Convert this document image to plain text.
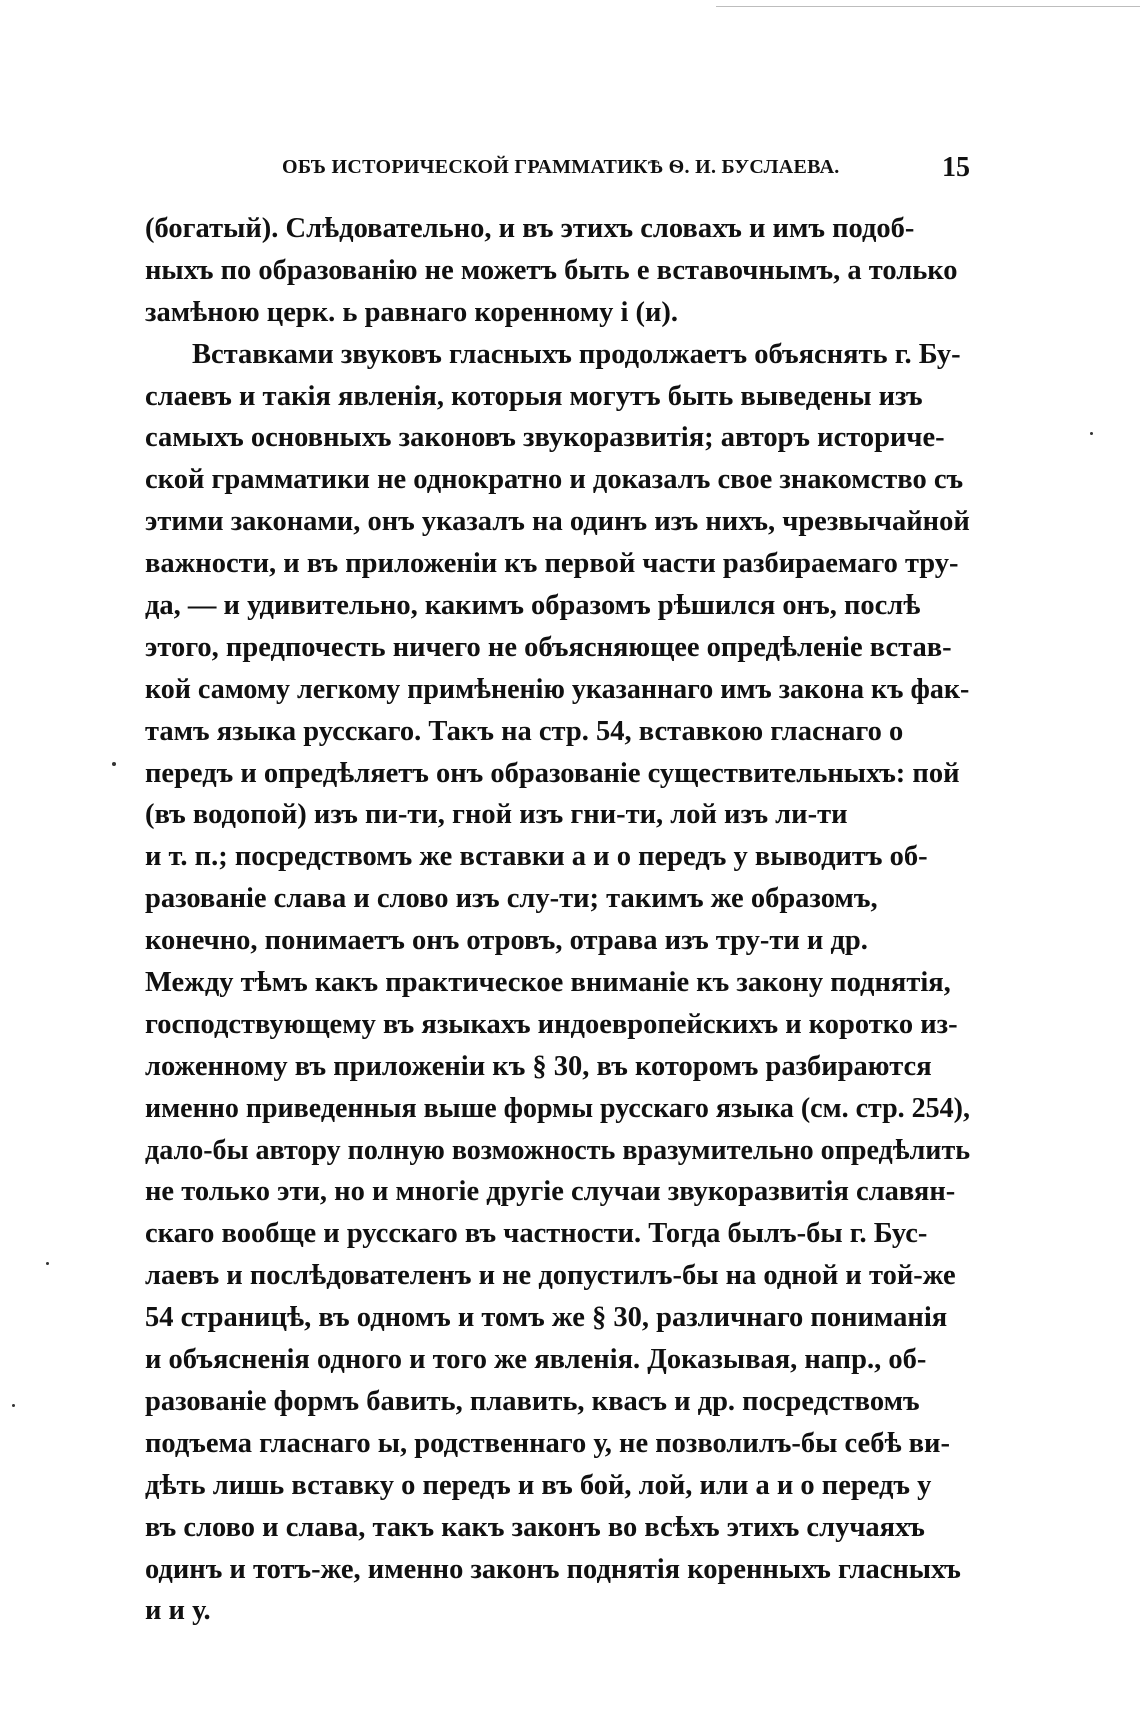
ОБЪ ИСТОРИЧЕСКОЙ ГРАММАТИКѢ Ѳ. И. БУСЛАЕВА.	15
(богатый). Слѣдовательно, и въ этихъ словахъ и имъ подоб-
ныхъ по образованію не можетъ быть е вставочнымъ, а только
замѣною церк. ь равнаго коренному і (и).
Вставками звуковъ гласныхъ продолжаетъ объяснять г. Бу-
слаевъ и такія явленія, которыя могутъ быть выведены изъ
самыхъ основныхъ законовъ звукоразвитія; авторъ историче-
ской грамматики не однократно и доказалъ свое знакомство съ
этими законами, онъ указалъ на одинъ изъ нихъ, чрезвычайной
важности, и въ приложеніи къ первой части разбираемаго тру-
да, — и удивительно, какимъ образомъ рѣшился онъ, послѣ
этого, предпочесть ничего не объясняющее опредѣленіе встав-
кой самому легкому примѣненію указаннаго имъ закона къ фак-
тамъ языка русскаго. Такъ на стр. 54, вставкою гласнаго о
передъ и опредѣляетъ онъ образованіе существительныхъ: пой
(въ водопой) изъ пи-ти, гной изъ гни-ти, лой изъ ли-ти
и т. п.; посредствомъ же вставки а и о передъ у выводитъ об-
разованіе слава и слово изъ слу-ти; такимъ же образомъ,
конечно, понимаетъ онъ отровъ, отрава изъ тру-ти и др.
Между тѣмъ какъ практическое вниманіе къ закону поднятія,
господствующему въ языкахъ индоевропейскихъ и коротко из-
ложенному въ приложеніи къ § 30, въ которомъ разбираются
именно приведенныя выше формы русскаго языка (см. стр. 254),
дало-бы автору полную возможность вразумительно опредѣлить
не только эти, но и многіе другіе случаи звукоразвитія славян-
скаго вообще и русскаго въ частности. Тогда былъ-бы г. Бус-
лаевъ и послѣдователенъ и не допустилъ-бы на одной и той-же
54 страницѣ, въ одномъ и томъ же § 30, различнаго пониманія
и объясненія одного и того же явленія. Доказывая, напр., об-
разованіе формъ бавить, плавить, квасъ и др. посредствомъ
подъема гласнаго ы, родственнаго у, не позволилъ-бы себѣ ви-
дѣть лишь вставку о передъ и въ бой, лой, или а и о передъ у
въ слово и слава, такъ какъ законъ во всѣхъ этихъ случаяхъ
одинъ и тотъ-же, именно законъ поднятія коренныхъ гласныхъ
и и у.
